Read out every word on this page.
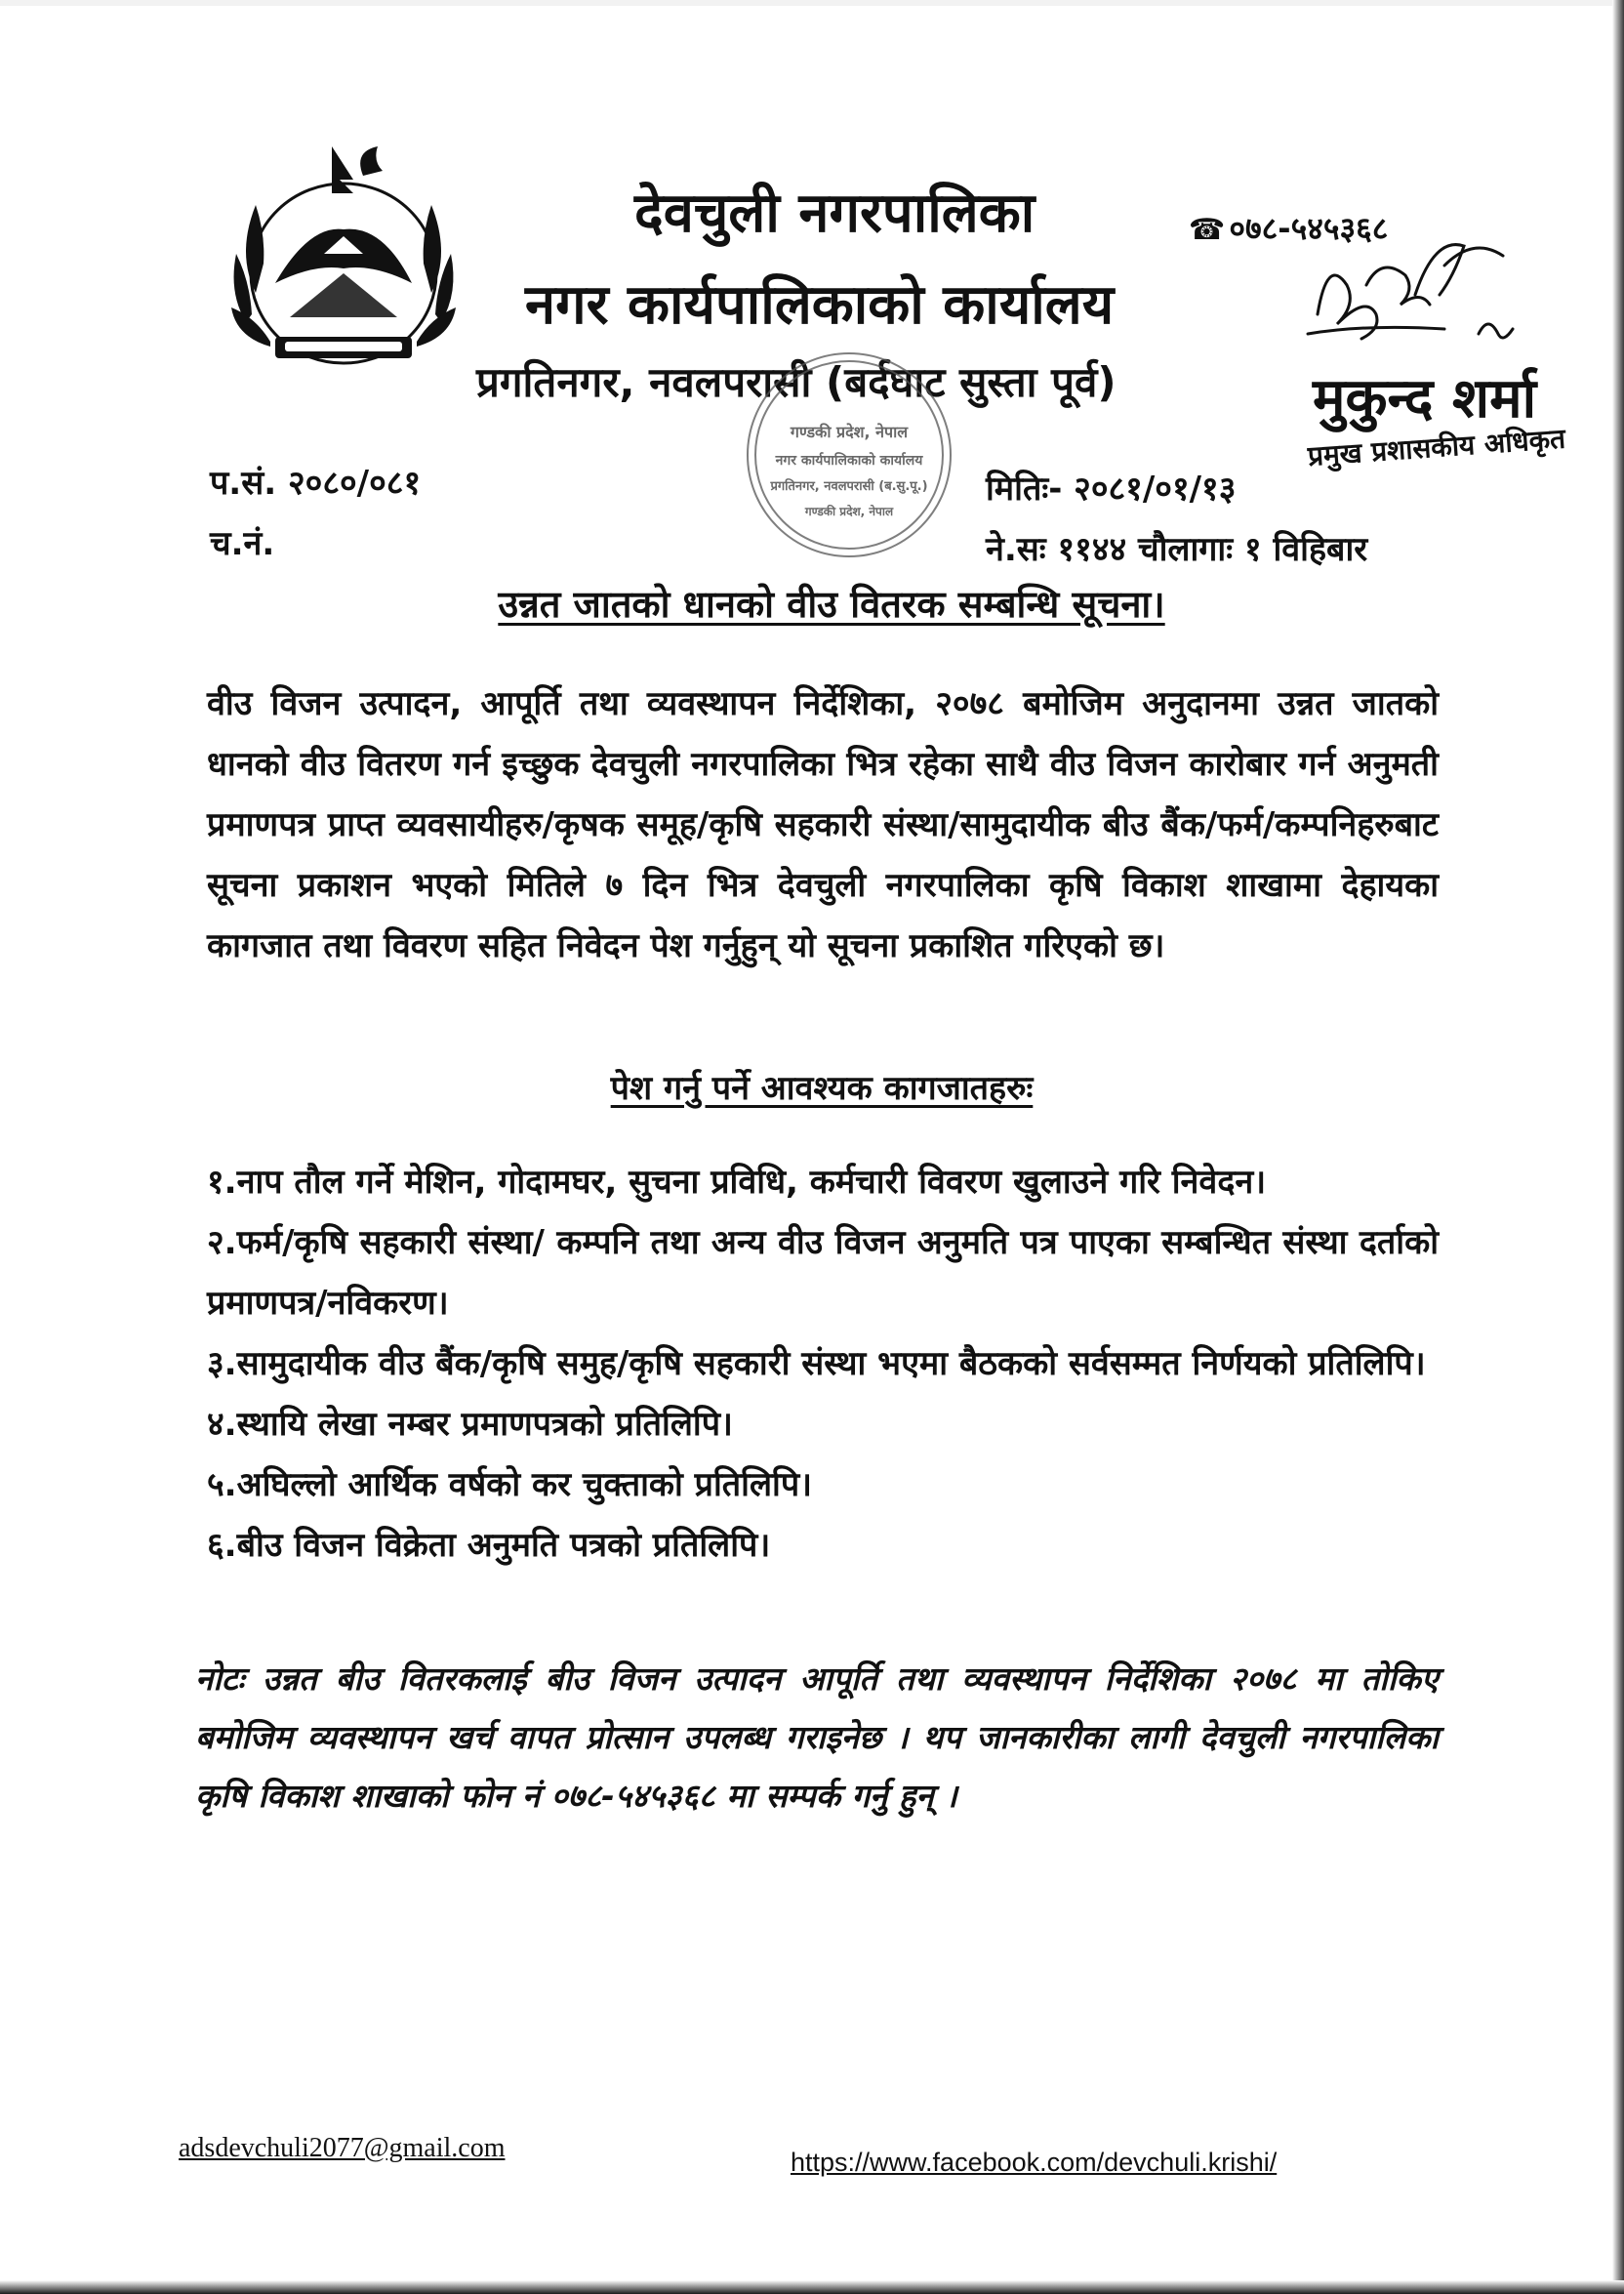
देवचुली नगरपालिका
नगर कार्यपालिकाको कार्यालय
प्रगतिनगर, नवलपरासी (बर्दघाट सुस्ता पूर्व)
☎ ०७८-५४५३६८
गण्डकी प्रदेश, नेपाल
नगर कार्यपालिकाको कार्यालय
प्रगतिनगर, नवलपरासी (ब.सु.पू.)
गण्डकी प्रदेश, नेपाल
मुकुन्द शर्मा
प्रमुख प्रशासकीय अधिकृत
प.सं. २०८०/०८१
च.नं.
मितिः- २०८१/०१/१३
ने.सः ११४४ चौलागाः १ विहिबार
उन्नत जातको धानको वीउ वितरक सम्बन्धि सूचना।
वीउ विजन उत्पादन, आपूर्ति तथा व्यवस्थापन निर्देशिका, २०७८ बमोजिम अनुदानमा उन्नत जातको धानको वीउ वितरण गर्न इच्छुक देवचुली नगरपालिका भित्र रहेका साथै वीउ विजन कारोबार गर्न अनुमती प्रमाणपत्र प्राप्त व्यवसायीहरु/कृषक समूह/कृषि सहकारी संस्था/सामुदायीक बीउ बैंक/फर्म/कम्पनिहरुबाट सूचना प्रकाशन भएको मितिले ७ दिन भित्र देवचुली नगरपालिका कृषि विकाश शाखामा देहायका कागजात तथा विवरण सहित निवेदन पेश गर्नुहुन् यो सूचना प्रकाशित गरिएको छ।
पेश गर्नु पर्ने आवश्यक कागजातहरुः
१.नाप तौल गर्ने मेशिन, गोदामघर, सुचना प्रविधि, कर्मचारी विवरण खुलाउने गरि निवेदन।
२.फर्म/कृषि सहकारी संस्था/ कम्पनि तथा अन्य वीउ विजन अनुमति पत्र पाएका सम्बन्धित संस्था दर्ताको प्रमाणपत्र/नविकरण।
३.सामुदायीक वीउ बैंक/कृषि समुह/कृषि सहकारी संस्था भएमा बैठकको सर्वसम्मत निर्णयको प्रतिलिपि।
४.स्थायि लेखा नम्बर प्रमाणपत्रको प्रतिलिपि।
५.अघिल्लो आर्थिक वर्षको कर चुक्ताको प्रतिलिपि।
६.बीउ विजन विक्रेता अनुमति पत्रको प्रतिलिपि।
नोटः उन्नत बीउ वितरकलाई बीउ विजन उत्पादन आपूर्ति तथा व्यवस्थापन निर्देशिका २०७८ मा तोकिए बमोजिम व्यवस्थापन खर्च वापत प्रोत्सान उपलब्ध गराइनेछ । थप जानकारीका लागी देवचुली नगरपालिका कृषि विकाश शाखाको फोन नं ०७८-५४५३६८ मा सम्पर्क गर्नु हुन् ।
adsdevchuli2077@gmail.com	https://www.facebook.com/devchuli.krishi/
